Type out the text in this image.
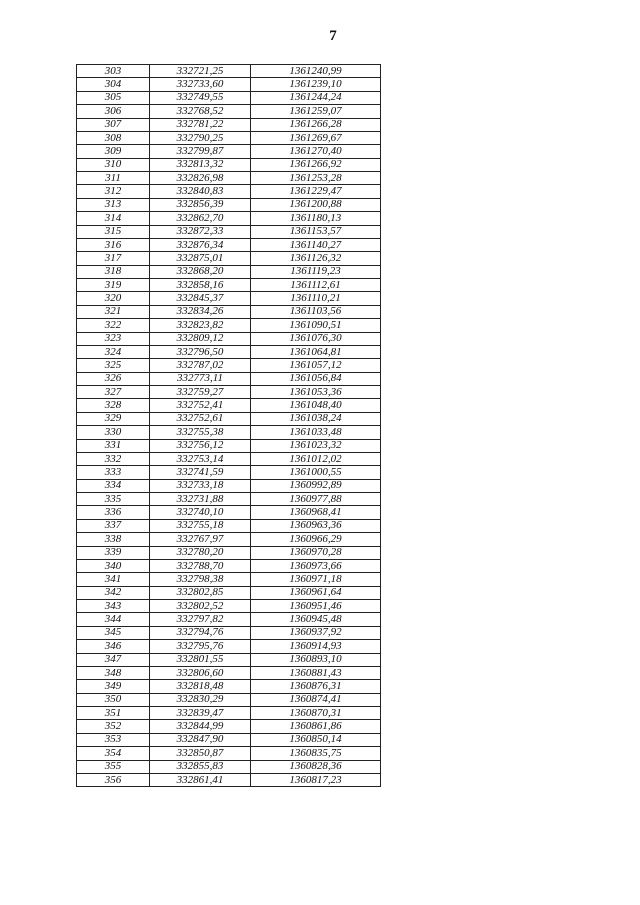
7
303	332721,25	1361240,99
304	332733,60	1361239,10
305	332749,55	1361244,24
306	332768,52	1361259,07
307	332781,22	1361266,28
308	332790,25	1361269,67
309	332799,87	1361270,40
310	332813,32	1361266,92
311	332826,98	1361253,28
312	332840,83	1361229,47
313	332856,39	1361200,88
314	332862,70	1361180,13
315	332872,33	1361153,57
316	332876,34	1361140,27
317	332875,01	1361126,32
318	332868,20	1361119,23
319	332858,16	1361112,61
320	332845,37	1361110,21
321	332834,26	1361103,56
322	332823,82	1361090,51
323	332809,12	1361076,30
324	332796,50	1361064,81
325	332787,02	1361057,12
326	332773,11	1361056,84
327	332759,27	1361053,36
328	332752,41	1361048,40
329	332752,61	1361038,24
330	332755,38	1361033,48
331	332756,12	1361023,32
332	332753,14	1361012,02
333	332741,59	1361000,55
334	332733,18	1360992,89
335	332731,88	1360977,88
336	332740,10	1360968,41
337	332755,18	1360963,36
338	332767,97	1360966,29
339	332780,20	1360970,28
340	332788,70	1360973,66
341	332798,38	1360971,18
342	332802,85	1360961,64
343	332802,52	1360951,46
344	332797,82	1360945,48
345	332794,76	1360937,92
346	332795,76	1360914,93
347	332801,55	1360893,10
348	332806,60	1360881,43
349	332818,48	1360876,31
350	332830,29	1360874,41
351	332839,47	1360870,31
352	332844,99	1360861,86
353	332847,90	1360850,14
354	332850,87	1360835,75
355	332855,83	1360828,36
356	332861,41	1360817,23
